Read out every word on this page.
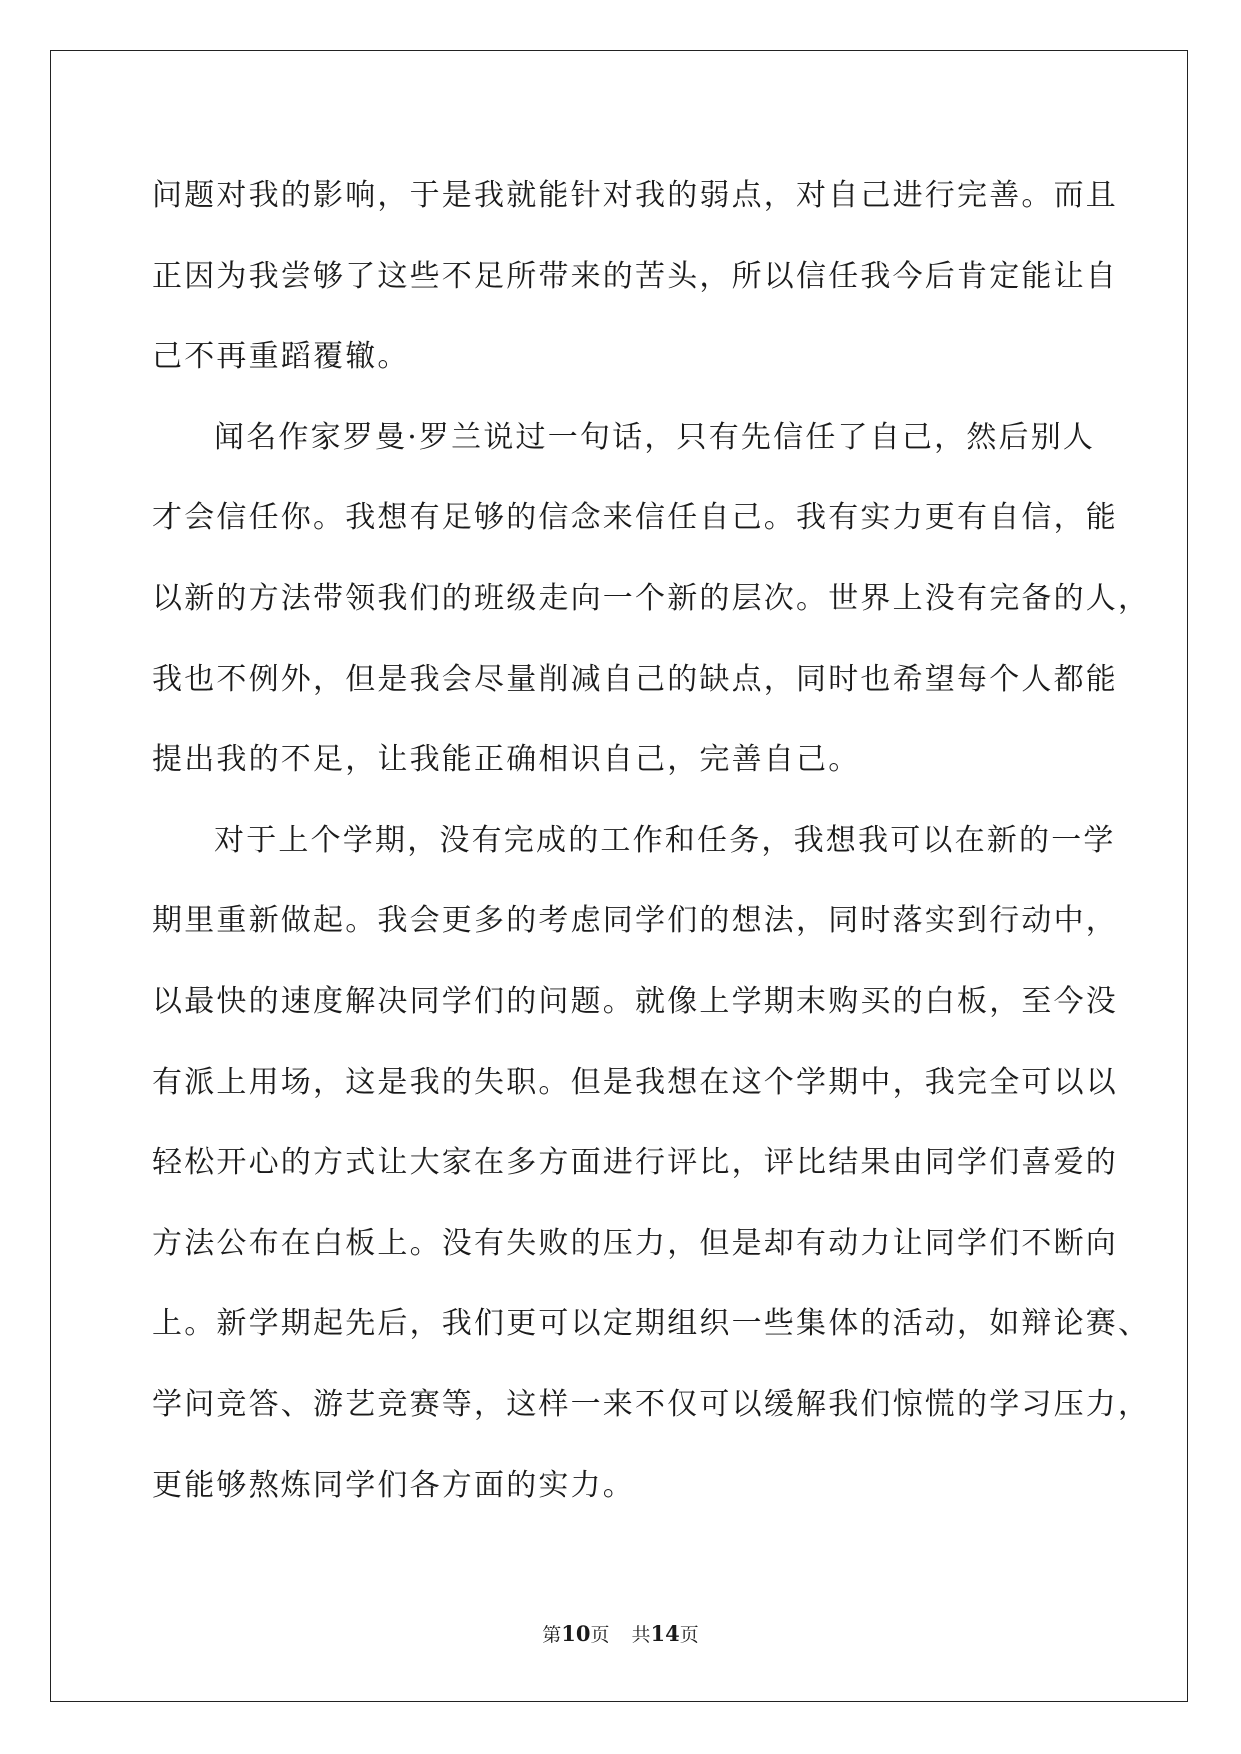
问题对我的影响，于是我就能针对我的弱点，对自己进行完善。而且
正因为我尝够了这些不足所带来的苦头，所以信任我今后肯定能让自
己不再重蹈覆辙。
闻名作家罗曼·罗兰说过一句话，只有先信任了自己，然后别人
才会信任你。我想有足够的信念来信任自己。我有实力更有自信，能
以新的方法带领我们的班级走向一个新的层次。世界上没有完备的人，
我也不例外，但是我会尽量削减自己的缺点，同时也希望每个人都能
提出我的不足，让我能正确相识自己，完善自己。
对于上个学期，没有完成的工作和任务，我想我可以在新的一学
期里重新做起。我会更多的考虑同学们的想法，同时落实到行动中，
以最快的速度解决同学们的问题。就像上学期末购买的白板，至今没
有派上用场，这是我的失职。但是我想在这个学期中，我完全可以以
轻松开心的方式让大家在多方面进行评比，评比结果由同学们喜爱的
方法公布在白板上。没有失败的压力，但是却有动力让同学们不断向
上。新学期起先后，我们更可以定期组织一些集体的活动，如辩论赛、
学问竞答、游艺竞赛等，这样一来不仅可以缓解我们惊慌的学习压力，
更能够熬炼同学们各方面的实力。
第10页 共14页
